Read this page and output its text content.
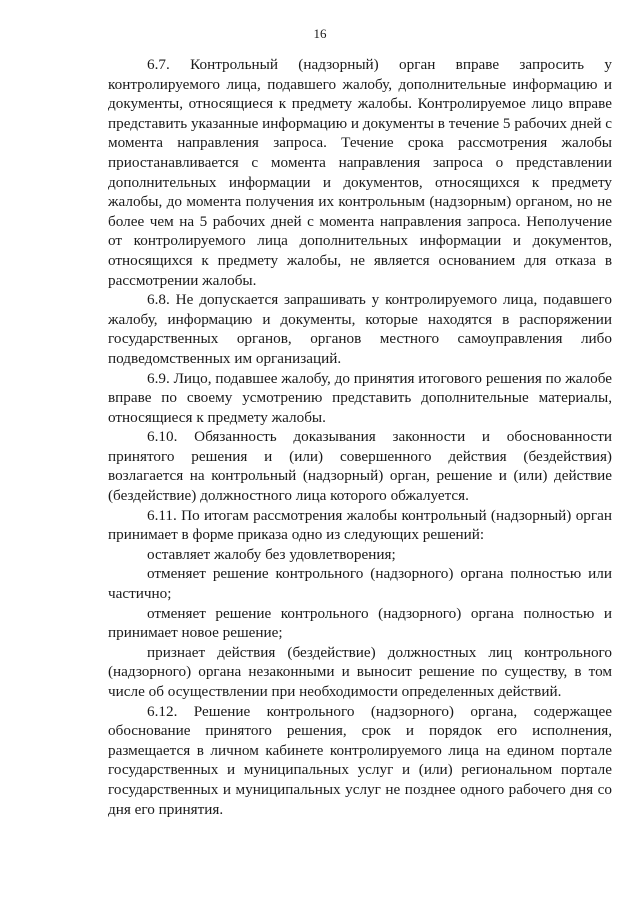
16

6.7. Контрольный (надзорный) орган вправе запросить у контролируемого лица, подавшего жалобу, дополнительные информацию и документы, относящиеся к предмету жалобы. Контролируемое лицо вправе представить указанные информацию и документы в течение 5 рабочих дней с момента направления запроса. Течение срока рассмотрения жалобы приостанавливается с момента направления запроса о представлении дополнительных информации и документов, относящихся к предмету жалобы, до момента получения их контрольным (надзорным) органом, но не более чем на 5 рабочих дней с момента направления запроса. Неполучение от контролируемого лица дополнительных информации и документов, относящихся к предмету жалобы, не является основанием для отказа в рассмотрении жалобы.

6.8. Не допускается запрашивать у контролируемого лица, подавшего жалобу, информацию и документы, которые находятся в распоряжении государственных органов, органов местного самоуправления либо подведомственных им организаций.

6.9. Лицо, подавшее жалобу, до принятия итогового решения по жалобе вправе по своему усмотрению представить дополнительные материалы, относящиеся к предмету жалобы.

6.10. Обязанность доказывания законности и обоснованности принятого решения и (или) совершенного действия (бездействия) возлагается на контрольный (надзорный) орган, решение и (или) действие (бездействие) должностного лица которого обжалуется.

6.11. По итогам рассмотрения жалобы контрольный (надзорный) орган принимает в форме приказа одно из следующих решений:

оставляет жалобу без удовлетворения;

отменяет решение контрольного (надзорного) органа полностью или частично;

отменяет решение контрольного (надзорного) органа полностью и принимает новое решение;

признает действия (бездействие) должностных лиц контрольного (надзорного) органа незаконными и выносит решение по существу, в том числе об осуществлении при необходимости определенных действий.

6.12. Решение контрольного (надзорного) органа, содержащее обоснование принятого решения, срок и порядок его исполнения, размещается в личном кабинете контролируемого лица на едином портале государственных и муниципальных услуг и (или) региональном портале государственных и муниципальных услуг не позднее одного рабочего дня со дня его принятия.
